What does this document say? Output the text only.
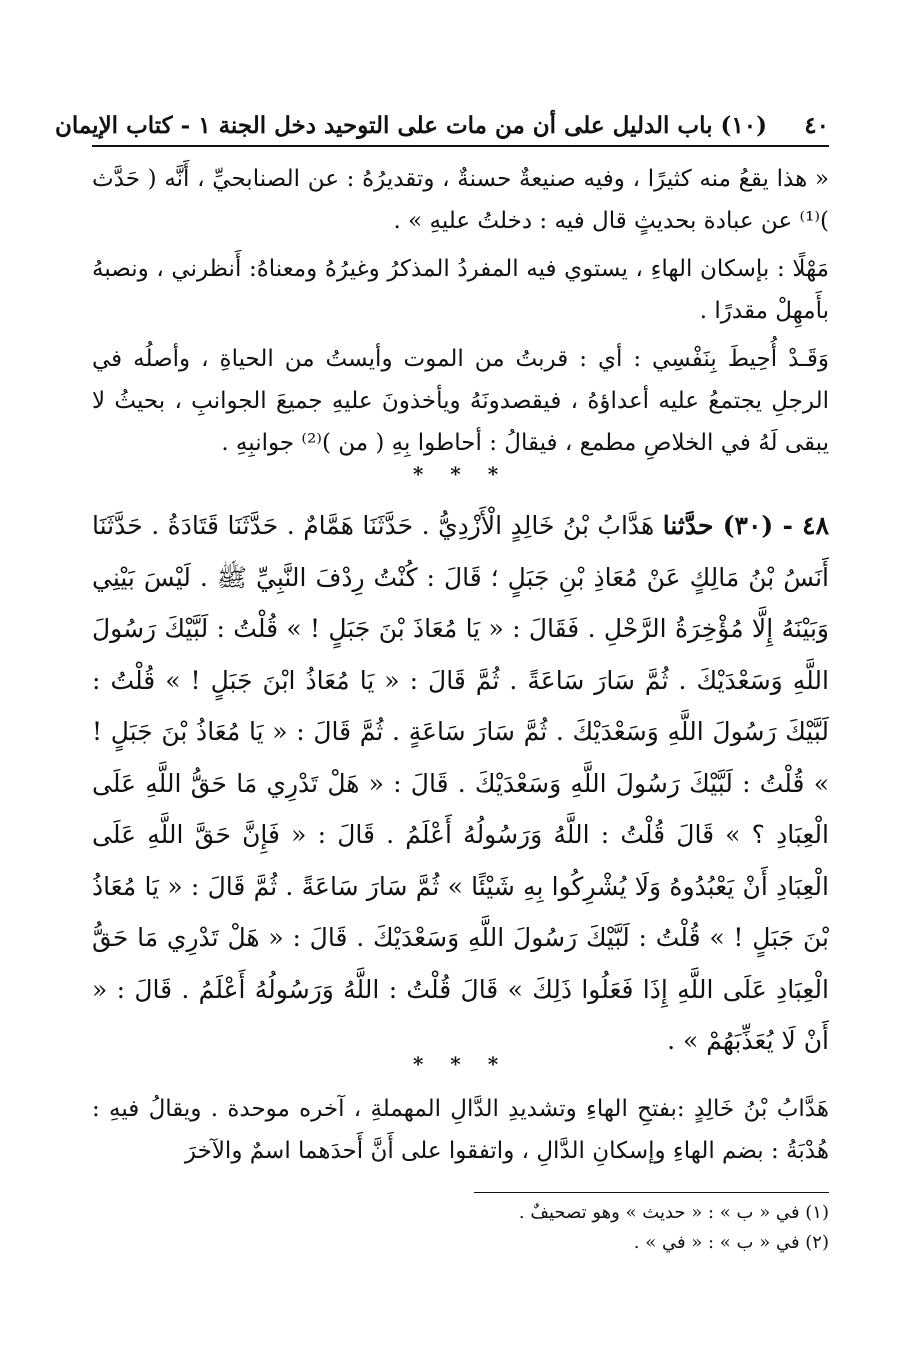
٤٠
(١٠) باب الدليل على أن من مات على التوحيد دخل الجنة ١ - كتاب الإيمان

« هذا يقعُ منه كثيرًا ، وفيه صنيعةٌ حسنةٌ ، وتقديرُهُ : عن الصنابحيِّ ، أَنَّه ( حَدَّث )⁽¹⁾ عن عبادة بحديثٍ قال فيه : دخلتُ عليهِ » .

مَهْلًا : بإسكان الهاءِ ، يستوي فيه المفردُ المذكرُ وغيرُهُ ومعناهُ: أَنظرني ، ونصبهُ بأَمهِلْ مقدرًا .

وَقَـدْ أُحِيطَ بِنَفْسِي : أي : قربتُ من الموت وأيستُ من الحياةِ ، وأصلُه في الرجلِ يجتمعُ عليه أعداؤهُ ، فيقصدونَهُ ويأخذونَ عليهِ جميعَ الجوانبِ ، بحيثُ لا يبقى لَهُ في الخلاصِ مطمع ، فيقالُ : أحاطوا بِهِ ( من )⁽²⁾ جوانبِهِ .

* * *

٤٨ - (٣٠) حدَّثنا هَدَّابُ بْنُ خَالِدٍ الْأَزْدِيُّ . حَدَّثَنَا هَمَّامٌ . حَدَّثَنَا قَتَادَةُ . حَدَّثَنَا أَنَسُ بْنُ مَالِكٍ عَنْ مُعَاذِ بْنِ جَبَلٍ ؛ قَالَ : كُنْتُ رِدْفَ النَّبِيِّ ﷺ . لَيْسَ بَيْنِي وَبَيْنَهُ إِلَّا مُؤْخِرَةُ الرَّحْلِ . فَقَالَ : « يَا مُعَاذَ بْنَ جَبَلٍ ! » قُلْتُ : لَبَّيْكَ رَسُولَ اللَّهِ وَسَعْدَيْكَ . ثُمَّ سَارَ سَاعَةً . ثُمَّ قَالَ : « يَا مُعَاذُ ابْنَ جَبَلٍ ! » قُلْتُ : لَبَّيْكَ رَسُولَ اللَّهِ وَسَعْدَيْكَ . ثُمَّ سَارَ سَاعَةٍ . ثُمَّ قَالَ : « يَا مُعَاذُ بْنَ جَبَلٍ ! » قُلْتُ : لَبَّيْكَ رَسُولَ اللَّهِ وَسَعْدَيْكَ . قَالَ : « هَلْ تَدْرِي مَا حَقُّ اللَّهِ عَلَى الْعِبَادِ ؟ » قَالَ قُلْتُ : اللَّهُ وَرَسُولُهُ أَعْلَمُ . قَالَ : « فَإِنَّ حَقَّ اللَّهِ عَلَى الْعِبَادِ أَنْ يَعْبُدُوهُ وَلَا يُشْرِكُوا بِهِ شَيْئًا » ثُمَّ سَارَ سَاعَةً . ثُمَّ قَالَ : « يَا مُعَاذُ بْنَ جَبَلٍ ! » قُلْتُ : لَبَّيْكَ رَسُولَ اللَّهِ وَسَعْدَيْكَ . قَالَ : « هَلْ تَدْرِي مَا حَقُّ الْعِبَادِ عَلَى اللَّهِ إِذَا فَعَلُوا ذَلِكَ » قَالَ قُلْتُ : اللَّهُ وَرَسُولُهُ أَعْلَمُ . قَالَ : « أَنْ لَا يُعَذِّبَهُمْ » .

* * *

هَدَّابُ بْنُ خَالِدٍ :بفتحِ الهاءِ وتشديدِ الدَّالِ المهملةِ ، آخره موحدة . ويقالُ فيهِ : هُدْبَةُ : بضم الهاءِ وإسكانِ الدَّالِ ، واتفقوا على أَنَّ أَحدَهما اسمٌ والآخرَ

(١) في « ب » : « حديث » وهو تصحيفٌ .
(٢) في « ب » : « في » .
